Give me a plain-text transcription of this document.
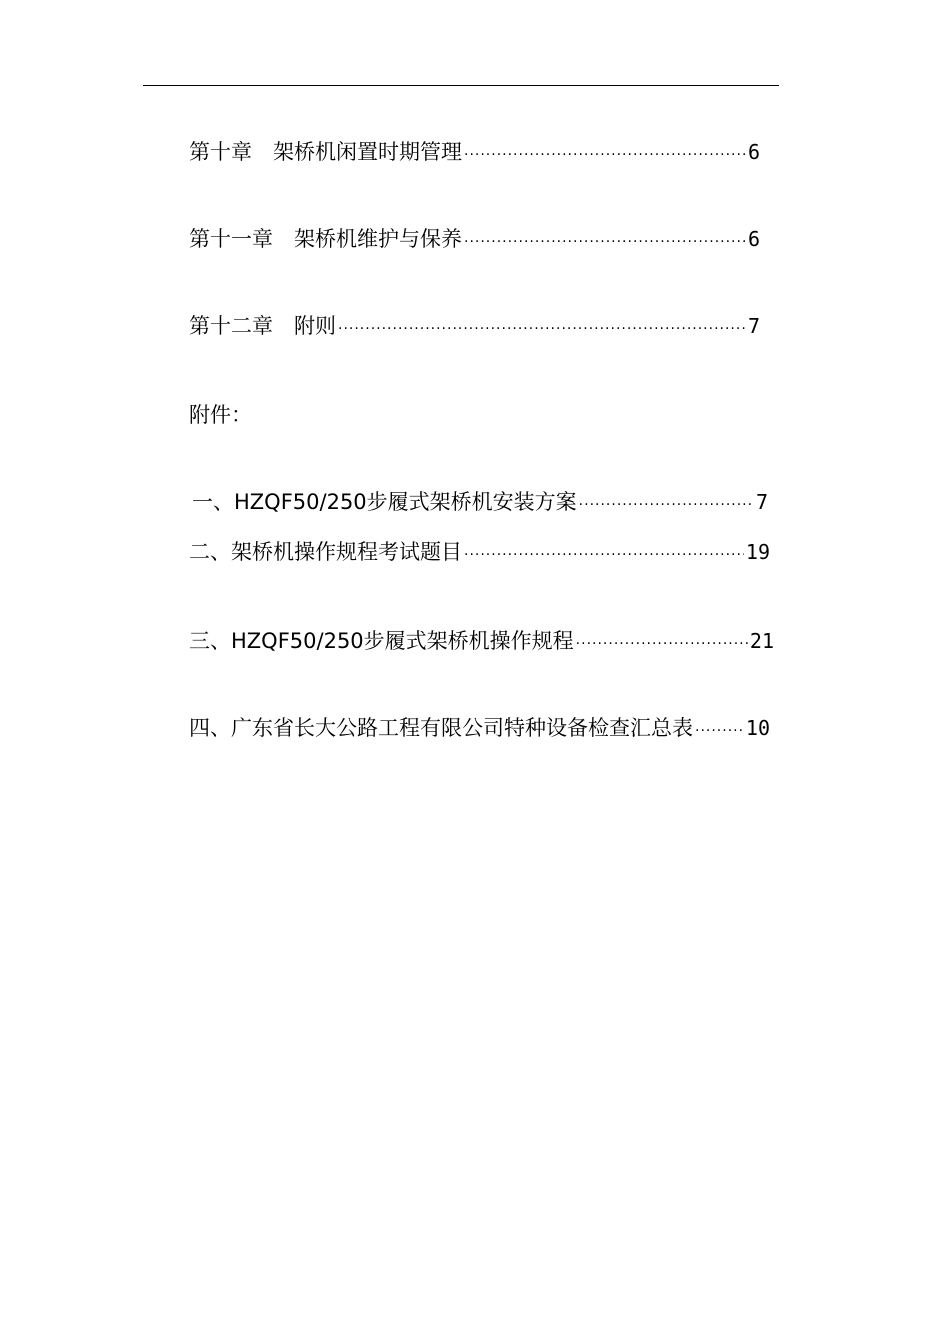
第十章　架桥机闲置时期管理 ·····	6
第十一章　架桥机维护与保养 ·····	6
第十二章　附则 ·····	7
附件：
一、HZQF50/250步履式架桥机安装方案 ·····	7
二、架桥机操作规程考试题目 ·····	19
三、HZQF50/250步履式架桥机操作规程 ·····	21
四、广东省长大公路工程有限公司特种设备检查汇总表 ·····	10
